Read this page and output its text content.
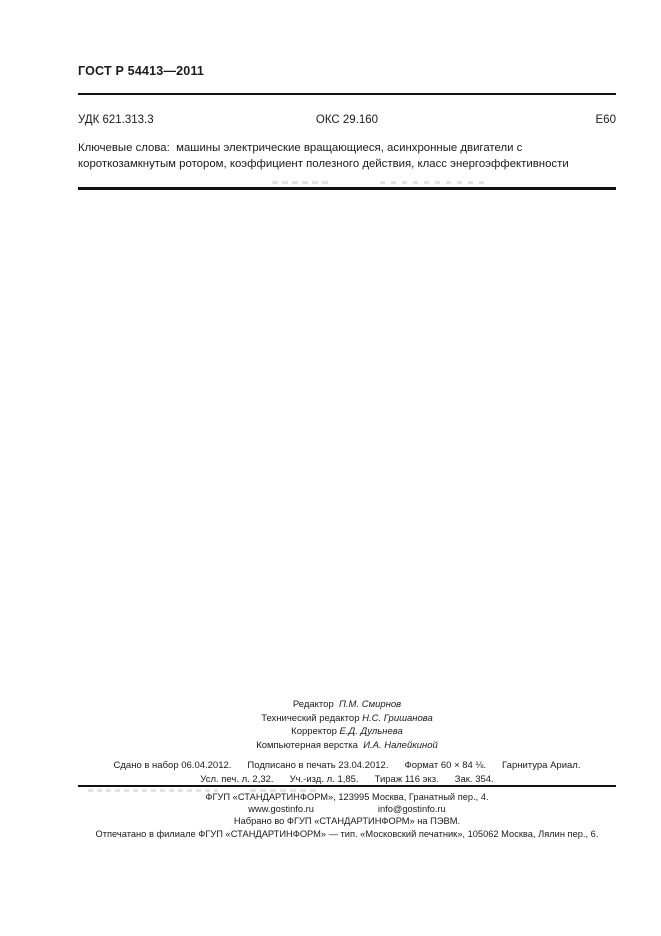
ГОСТ Р 54413—2011
УДК 621.313.3	ОКС 29.160	Е60
Ключевые слова:  машины электрические вращающиеся, асинхронные двигатели с короткозамкнутым ротором, коэффициент полезного действия, класс энергоэффективности
Редактор П.М. Смирнов
Технический редактор Н.С. Гришанова
Корректор Е.Д. Дульнева
Компьютерная верстка И.А. Налейкиной
Сдано в набор 06.04.2012. Подписано в печать 23.04.2012. Формат 60 × 84 ⅛. Гарнитура Ариал.
Усл. печ. л. 2,32. Уч.-изд. л. 1,85. Тираж 116 экз. Зак. 354.
ФГУП «СТАНДАРТИНФОРМ», 123995 Москва, Гранатный пер., 4.
www.gostinfo.ru	info@gostinfo.ru
Набрано во ФГУП «СТАНДАРТИНФОРМ» на ПЭВМ.
Отпечатано в филиале ФГУП «СТАНДАРТИНФОРМ» — тип. «Московский печатник», 105062 Москва, Лялин пер., 6.
